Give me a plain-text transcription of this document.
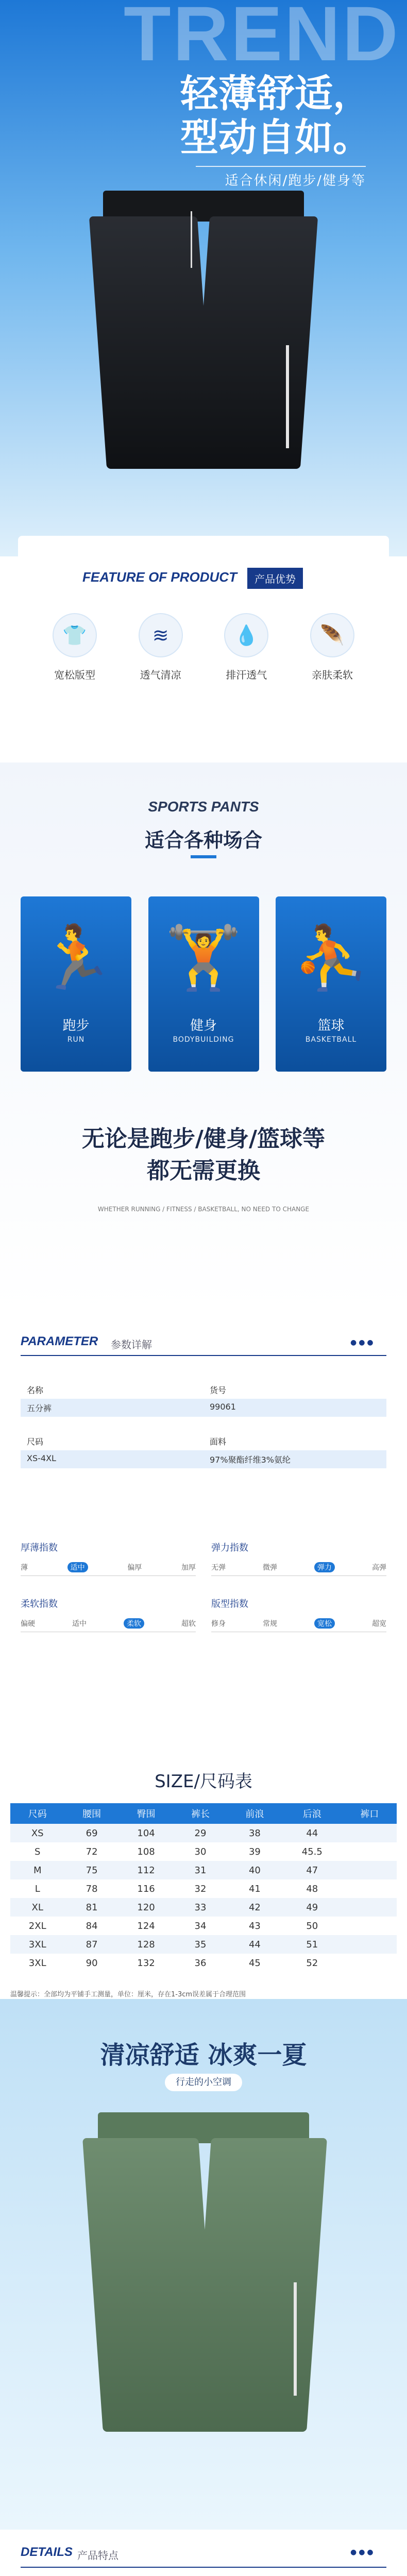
TREND
轻薄舒适，
型动自如。
适合休闲/跑步/健身等
FEATURE OF PRODUCT	产品优势
👕
宽松版型
≋
透气清凉
💧
排汗透气
🪶
亲肤柔软
SPORTS PANTS
适合各种场合
🏃
跑步
RUN
🏋
健身
BODYBUILDING
⛹
篮球
BASKETBALL
无论是跑步/健身/篮球等
都无需更换
WHETHER RUNNING / FITNESS / BASKETBALL, NO NEED TO CHANGE
PARAMETER 参数详解	●●●
名称	货号
五分裤	99061
尺码	面料
XS-4XL	97%聚酯纤维3%氨纶
厚薄指数
薄	适中	偏厚	加厚
弹力指数
无弹	微弹	弹力	高弹
柔软指数
偏硬	适中	柔软	超软
版型指数
修身	常规	宽松	超宽
SIZE/尺码表
尺码	腰围	臀围	裤长	前浪	后浪	裤口
XS	69	104	29	38	44	
S	72	108	30	39	45.5	
M	75	112	31	40	47	
L	78	116	32	41	48	
XL	81	120	33	42	49	
2XL	84	124	34	43	50	
3XL	87	128	35	44	51	
3XL	90	132	36	45	52	
温馨提示：全部均为平铺手工测量，单位：厘米，存在1-3cm误差属于合理范围
清凉舒适 冰爽一夏
行走的小空调
DETAILS 产品特点	●●●
